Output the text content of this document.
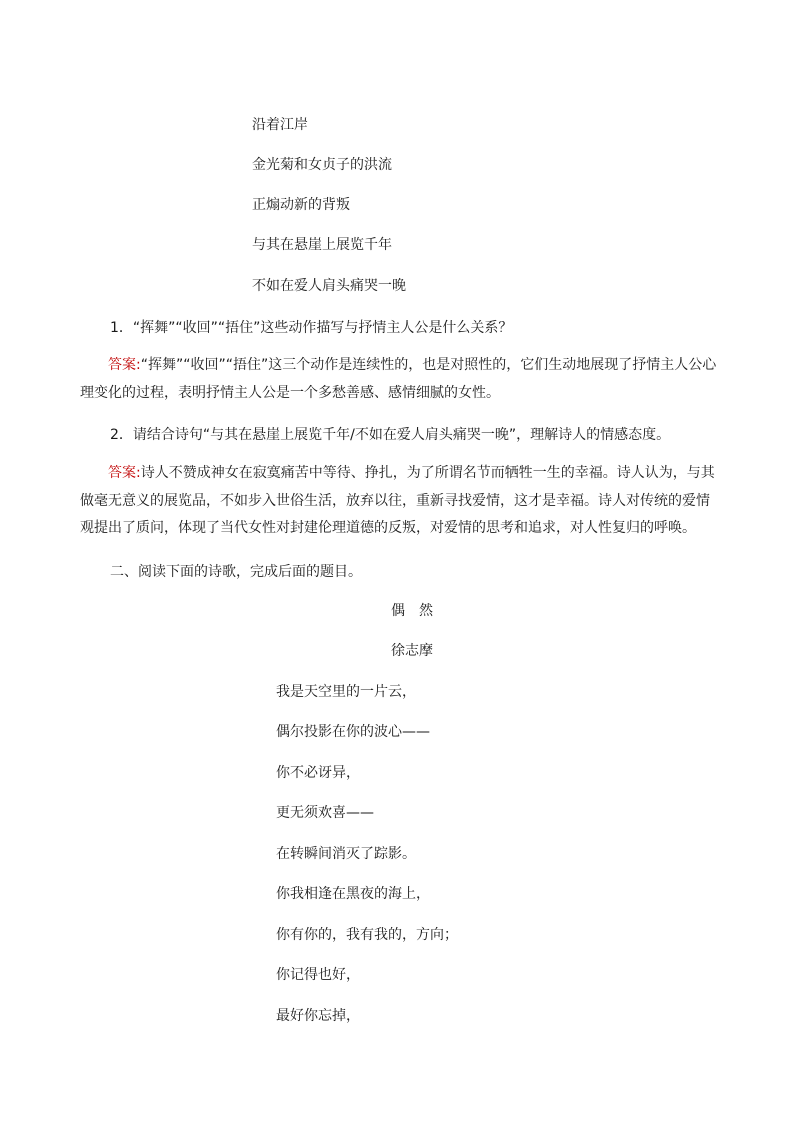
沿着江岸
金光菊和女贞子的洪流
正煽动新的背叛
与其在悬崖上展览千年
不如在爱人肩头痛哭一晚
1．“挥舞”“收回”“捂住”这些动作描写与抒情主人公是什么关系？
答案:“挥舞”“收回”“捂住”这三个动作是连续性的，也是对照性的，它们生动地展现了抒情主人公心理变化的过程，表明抒情主人公是一个多愁善感、感情细腻的女性。
2．请结合诗句“与其在悬崖上展览千年/不如在爱人肩头痛哭一晚”，理解诗人的情感态度。
答案:诗人不赞成神女在寂寞痛苦中等待、挣扎，为了所谓名节而牺牲一生的幸福。诗人认为，与其做毫无意义的展览品，不如步入世俗生活，放弃以往，重新寻找爱情，这才是幸福。诗人对传统的爱情观提出了质问，体现了当代女性对封建伦理道德的反叛，对爱情的思考和追求，对人性复归的呼唤。
二、阅读下面的诗歌，完成后面的题目。
偶　然
徐志摩
我是天空里的一片云，
偶尔投影在你的波心——
你不必讶异，
更无须欢喜——
在转瞬间消灭了踪影。
你我相逢在黑夜的海上，
你有你的，我有我的，方向；
你记得也好，
最好你忘掉，
